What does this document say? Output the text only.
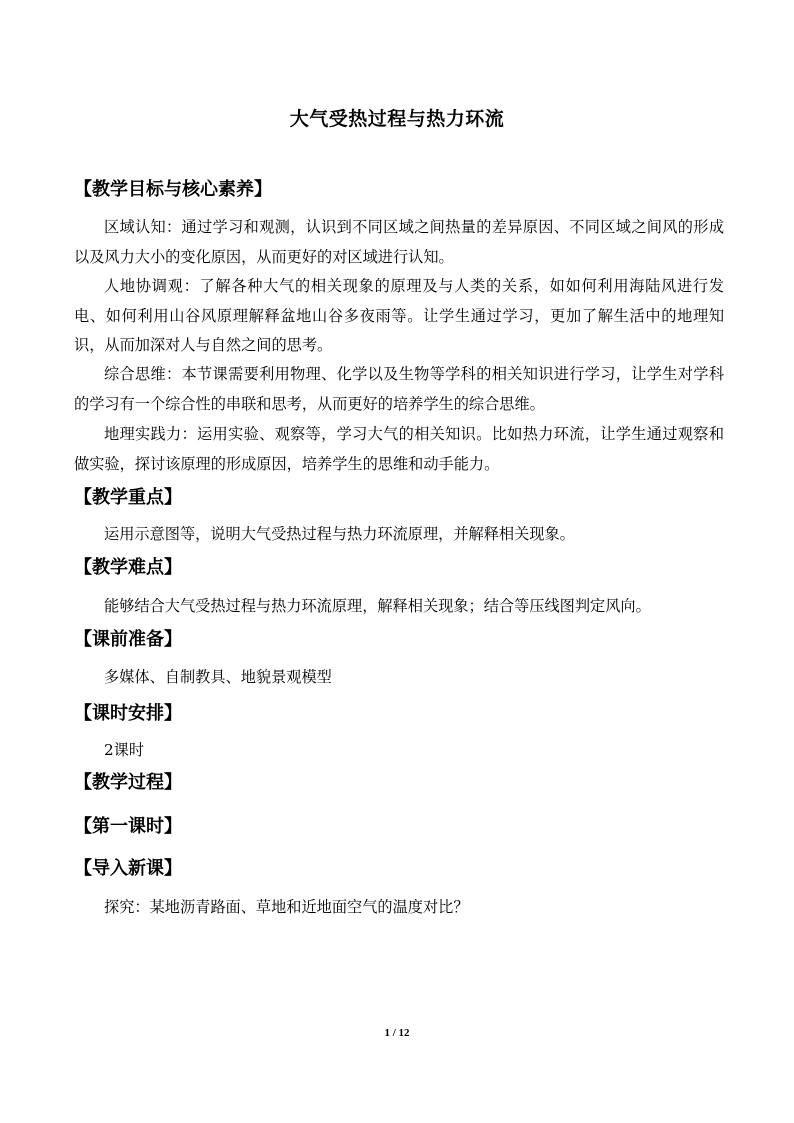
大气受热过程与热力环流
【教学目标与核心素养】
区域认知：通过学习和观测，认识到不同区域之间热量的差异原因、不同区域之间风的形成以及风力大小的变化原因，从而更好的对区域进行认知。
人地协调观：了解各种大气的相关现象的原理及与人类的关系，如如何利用海陆风进行发电、如何利用山谷风原理解释盆地山谷多夜雨等。让学生通过学习，更加了解生活中的地理知识，从而加深对人与自然之间的思考。
综合思维：本节课需要利用物理、化学以及生物等学科的相关知识进行学习，让学生对学科的学习有一个综合性的串联和思考，从而更好的培养学生的综合思维。
地理实践力：运用实验、观察等，学习大气的相关知识。比如热力环流，让学生通过观察和做实验，探讨该原理的形成原因，培养学生的思维和动手能力。
【教学重点】
运用示意图等，说明大气受热过程与热力环流原理，并解释相关现象。
【教学难点】
能够结合大气受热过程与热力环流原理，解释相关现象；结合等压线图判定风向。
【课前准备】
多媒体、自制教具、地貌景观模型
【课时安排】
2课时
【教学过程】
【第一课时】
【导入新课】
探究：某地沥青路面、草地和近地面空气的温度对比？
1 / 12
